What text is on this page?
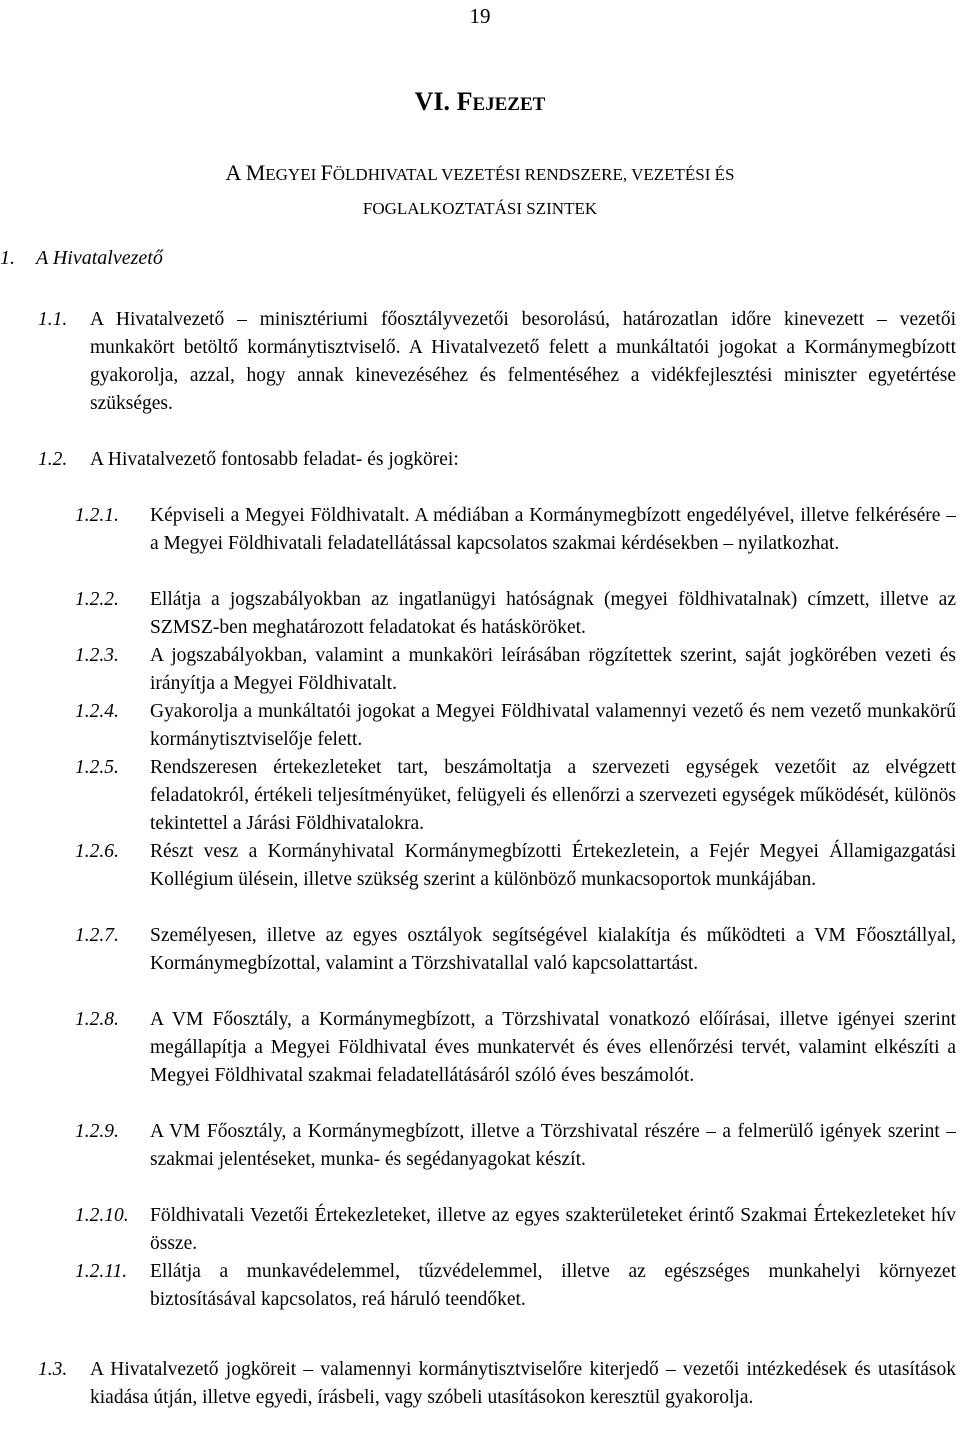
19
VI. FEJEZET
A MEGYEI FÖLDHIVATAL VEZETÉSI RENDSZERE, VEZETÉSI ÉS
FOGLALKOZTATÁSI SZINTEK
1. A Hivatalvezető
1.1. A Hivatalvezető – minisztériumi főosztályvezetői besorolású, határozatlan időre kinevezett – vezetői munkakört betöltő kormánytisztviselő. A Hivatalvezető felett a munkáltatói jogokat a Kormánymegbízott gyakorolja, azzal, hogy annak kinevezéséhez és felmentéséhez a vidékfejlesztési miniszter egyetértése szükséges.
1.2. A Hivatalvezető fontosabb feladat- és jogkörei:
1.2.1. Képviseli a Megyei Földhivatalt. A médiában a Kormánymegbízott engedélyével, illetve felkérésére – a Megyei Földhivatali feladatellátással kapcsolatos szakmai kérdésekben – nyilatkozhat.
1.2.2. Ellátja a jogszabályokban az ingatlanügyi hatóságnak (megyei földhivatalnak) címzett, illetve az SZMSZ-ben meghatározott feladatokat és hatásköröket.
1.2.3. A jogszabályokban, valamint a munkaköri leírásában rögzítettek szerint, saját jogkörében vezeti és irányítja a Megyei Földhivatalt.
1.2.4. Gyakorolja a munkáltatói jogokat a Megyei Földhivatal valamennyi vezető és nem vezető munkakörű kormánytisztviselője felett.
1.2.5. Rendszeresen értekezleteket tart, beszámoltatja a szervezeti egységek vezetőit az elvégzett feladatokról, értékeli teljesítményüket, felügyeli és ellenőrzi a szervezeti egységek működését, különös tekintettel a Járási Földhivatalokra.
1.2.6. Részt vesz a Kormányhivatal Kormánymegbízotti Értekezletein, a Fejér Megyei Államigazgatási Kollégium ülésein, illetve szükség szerint a különböző munkacsoportok munkájában.
1.2.7. Személyesen, illetve az egyes osztályok segítségével kialakítja és működteti a VM Főosztállyal, Kormánymegbízottal, valamint a Törzshivatallal való kapcsolattartást.
1.2.8. A VM Főosztály, a Kormánymegbízott, a Törzshivatal vonatkozó előírásai, illetve igényei szerint megállapítja a Megyei Földhivatal éves munkatervét és éves ellenőrzési tervét, valamint elkészíti a Megyei Földhivatal szakmai feladatellátásáról szóló éves beszámolót.
1.2.9. A VM Főosztály, a Kormánymegbízott, illetve a Törzshivatal részére – a felmerülő igények szerint – szakmai jelentéseket, munka- és segédanyagokat készít.
1.2.10. Földhivatali Vezetői Értekezleteket, illetve az egyes szakterületeket érintő Szakmai Értekezleteket hív össze.
1.2.11. Ellátja a munkavédelemmel, tűzvédelemmel, illetve az egészséges munkahelyi környezet biztosításával kapcsolatos, reá háruló teendőket.
1.3. A Hivatalvezető jogköreit – valamennyi kormánytisztviselőre kiterjedő – vezetői intézkedések és utasítások kiadása útján, illetve egyedi, írásbeli, vagy szóbeli utasításokon keresztül gyakorolja.
